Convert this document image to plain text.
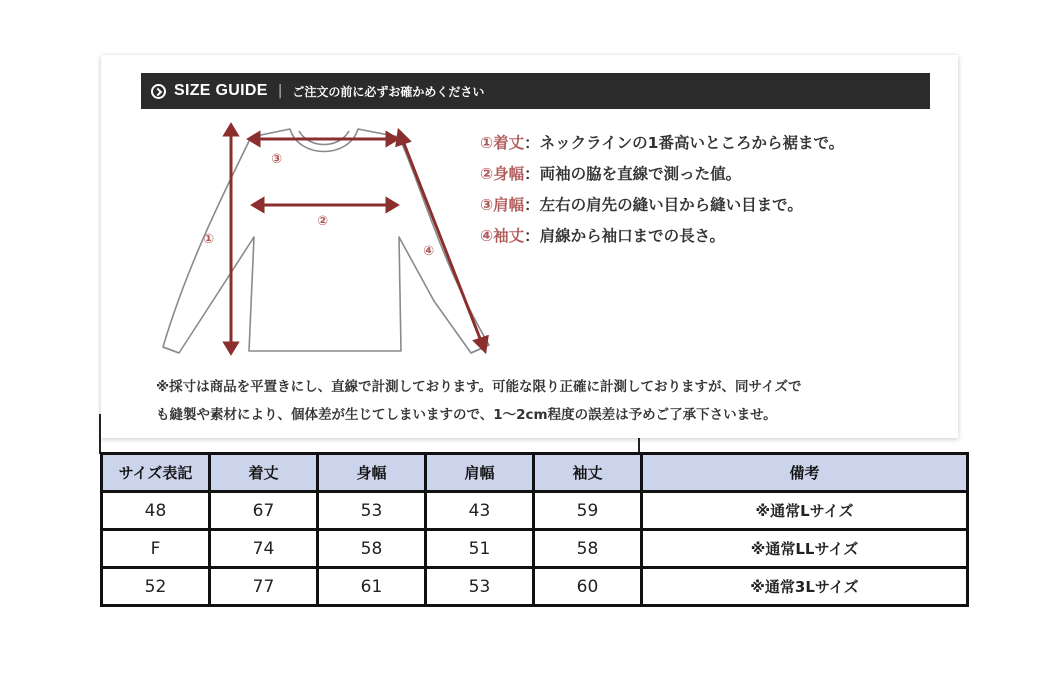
SIZE GUIDE | ご注文の前に必ずお確かめください
①
②
③
④
①着丈：ネックラインの1番高いところから裾まで。
②身幅：両袖の脇を直線で測った値。
③肩幅：左右の肩先の縫い目から縫い目まで。
④袖丈：肩線から袖口までの長さ。
※採寸は商品を平置きにし、直線で計測しております。可能な限り正確に計測しておりますが、同サイズで
も縫製や素材により、個体差が生じてしまいますので、1～2cm程度の誤差は予めご了承下さいませ。
サイズ表記	着丈	身幅	肩幅	袖丈	備考
48	67	53	43	59	※通常Lサイズ
F	74	58	51	58	※通常LLサイズ
52	77	61	53	60	※通常3Lサイズ
